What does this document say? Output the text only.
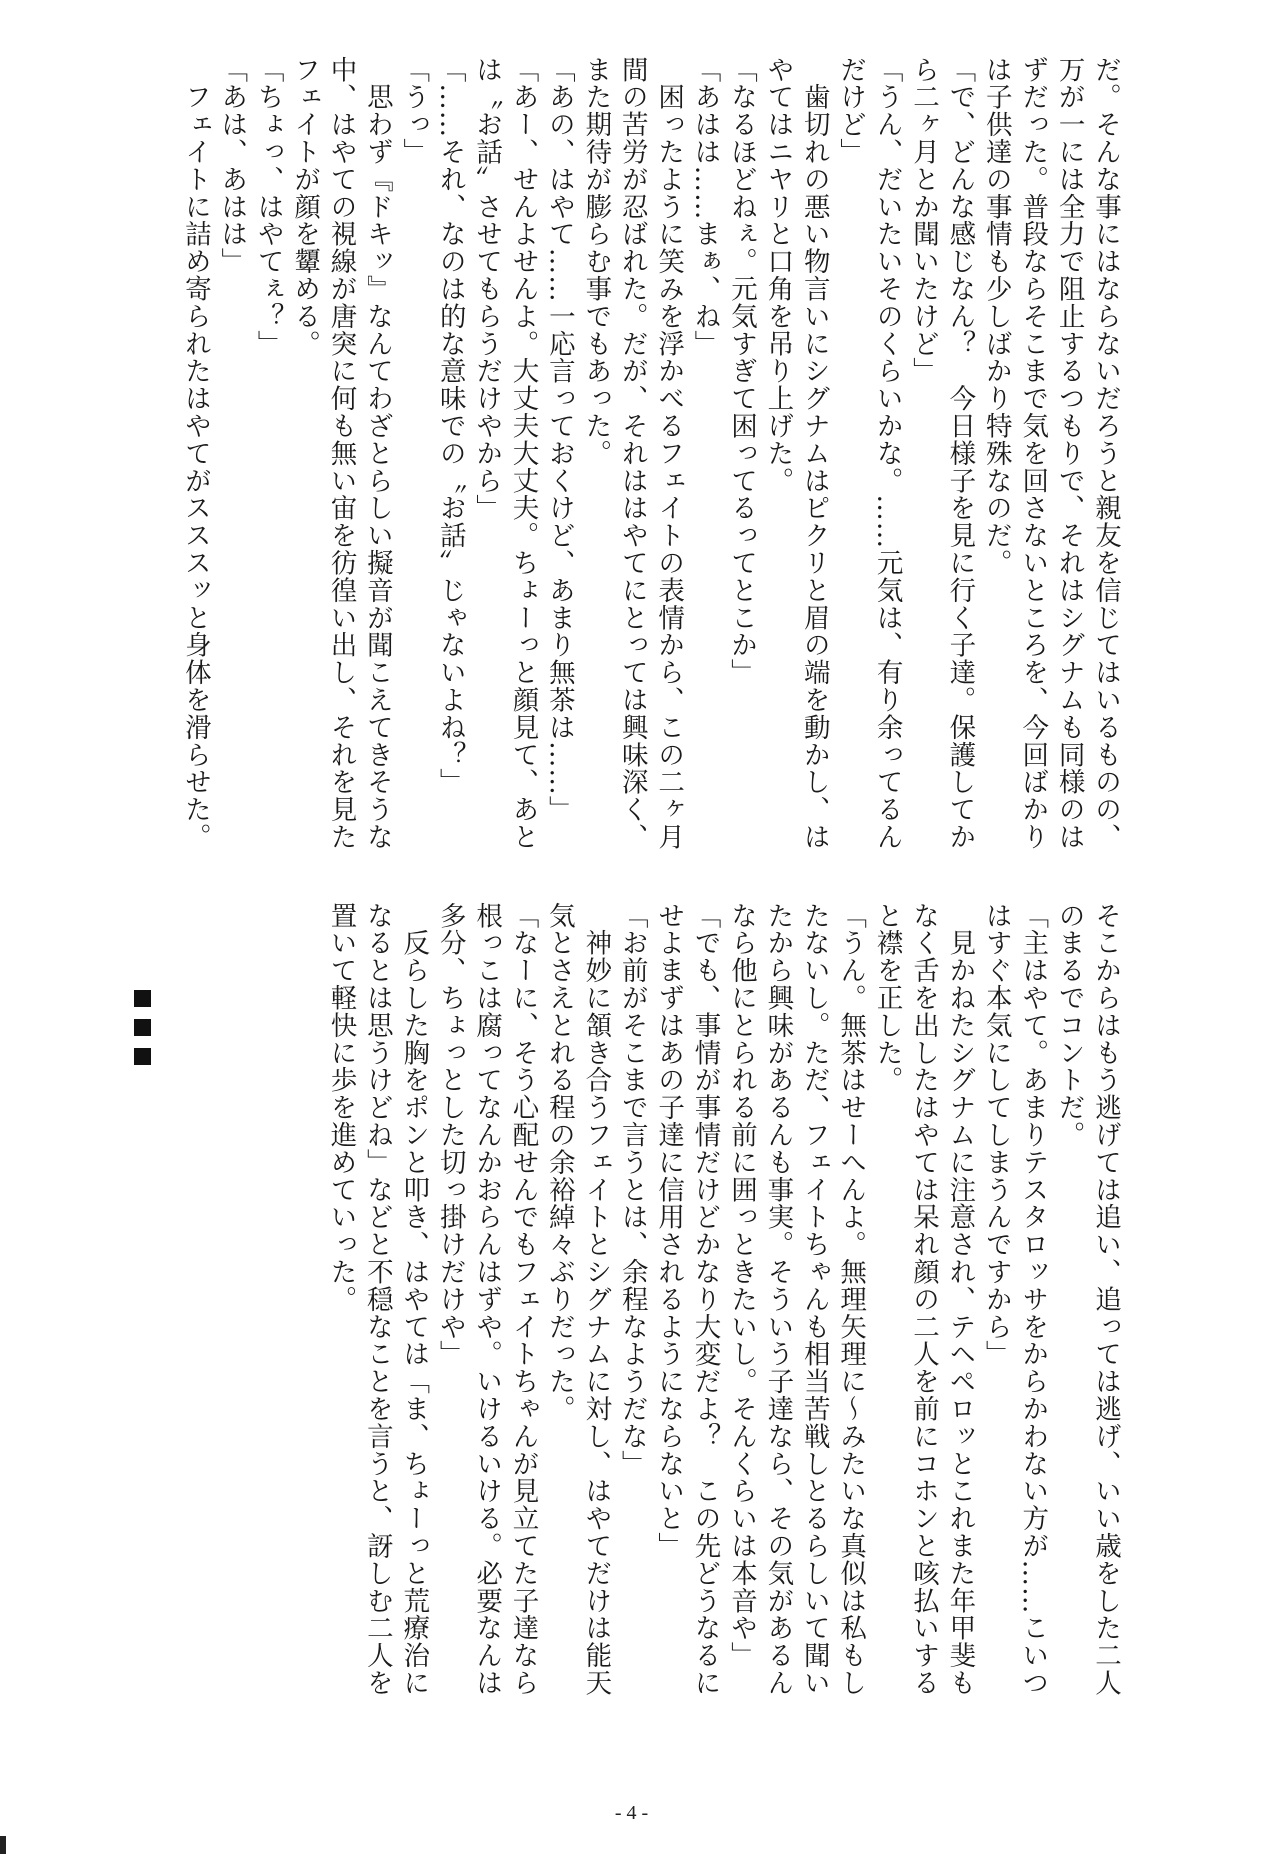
だ。そんな事にはならないだろうと親友を信じてはいるものの、
万が一には全力で阻止するつもりで、それはシグナムも同様のは
ずだった。普段ならそこまで気を回さないところを、今回ばかり
は子供達の事情も少しばかり特殊なのだ。
「で、どんな感じなん？　今日様子を見に行く子達。保護してか
ら二ヶ月とか聞いたけど」
「うん、だいたいそのくらいかな。……元気は、有り余ってるん
だけど」
　歯切れの悪い物言いにシグナムはピクリと眉の端を動かし、は
やてはニヤリと口角を吊り上げた。
「なるほどねぇ。元気すぎて困ってるってとこか」
「あはは……まぁ、ね」
　困ったように笑みを浮かべるフェイトの表情から、この二ヶ月
間の苦労が忍ばれた。だが、それははやてにとっては興味深く、
また期待が膨らむ事でもあった。
「あの、はやて……一応言っておくけど、あまり無茶は……」
「あー、せんよせんよ。大丈夫大丈夫。ちょーっと顔見て、あと
は〝お話〟させてもらうだけやから」
「……それ、なのは的な意味での〝お話〟じゃないよね？」
「うっ」
　思わず『ドキッ』なんてわざとらしい擬音が聞こえてきそうな
中、はやての視線が唐突に何も無い宙を彷徨い出し、それを見た
フェイトが顔を顰める。
「ちょっ、はやてぇ？」
「あは、あはは」
　フェイトに詰め寄られたはやてがスススッと身体を滑らせた。
そこからはもう逃げては追い、追っては逃げ、いい歳をした二人
のまるでコントだ。
「主はやて。あまりテスタロッサをからかわない方が……こいつ
はすぐ本気にしてしまうんですから」
　見かねたシグナムに注意され、テヘペロッとこれまた年甲斐も
なく舌を出したはやては呆れ顔の二人を前にコホンと咳払いする
と襟を正した。
「うん。無茶はせーへんよ。無理矢理に〜みたいな真似は私もし
たないし。ただ、フェイトちゃんも相当苦戦しとるらしいて聞い
たから興味があるんも事実。そういう子達なら、その気があるん
なら他にとられる前に囲っときたいし。そんくらいは本音や」
「でも、事情が事情だけどかなり大変だよ？　この先どうなるに
せよまずはあの子達に信用されるようにならないと」
「お前がそこまで言うとは、余程なようだな」
　神妙に頷き合うフェイトとシグナムに対し、はやてだけは能天
気とさえとれる程の余裕綽々ぶりだった。
「なーに、そう心配せんでもフェイトちゃんが見立てた子達なら
根っこは腐ってなんかおらんはずや。いけるいける。必要なんは
多分、ちょっとした切っ掛けだけや」
　反らした胸をポンと叩き、はやては「ま、ちょーっと荒療治に
なるとは思うけどね」などと不穏なことを言うと、訝しむ二人を
置いて軽快に歩を進めていった。
- 4 -
